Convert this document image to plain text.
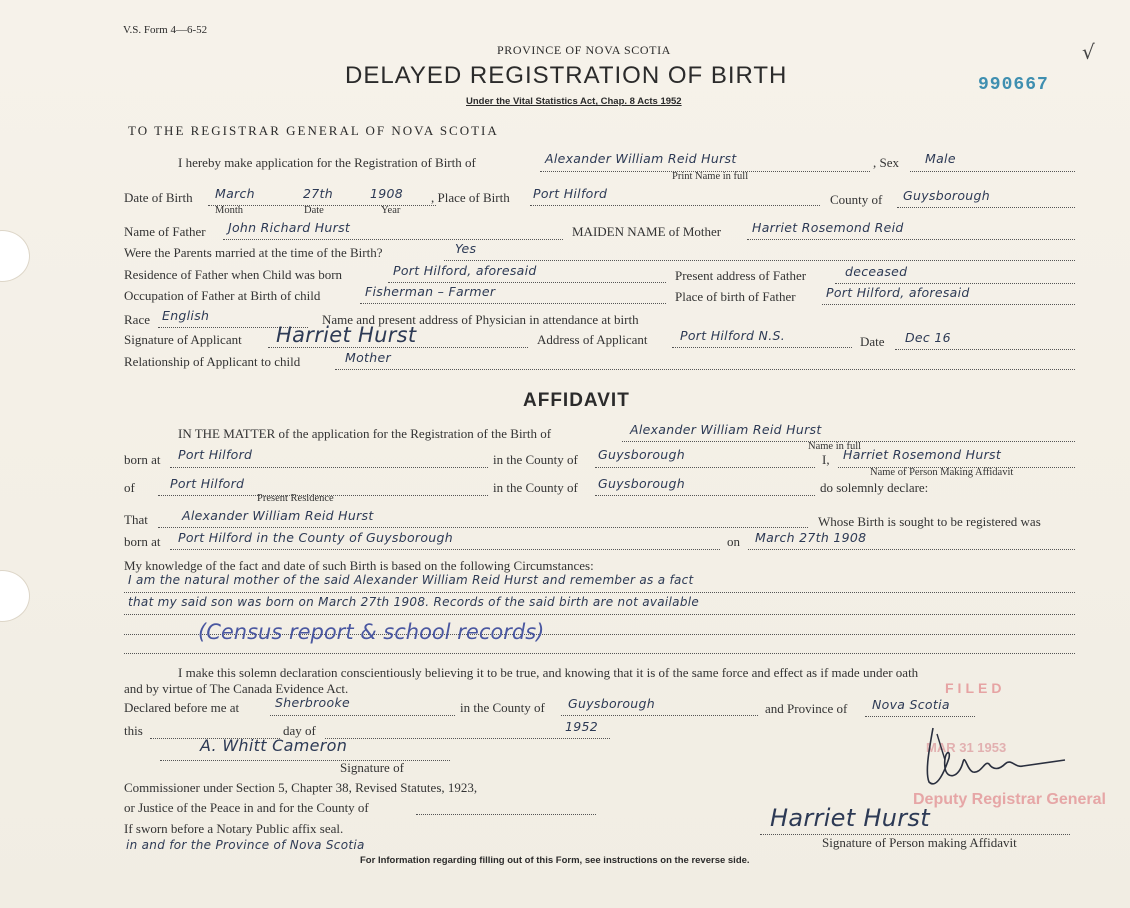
V.S. Form 4—6-52
PROVINCE OF NOVA SCOTIA
DELAYED REGISTRATION OF BIRTH
Under the Vital Statistics Act, Chap. 8 Acts 1952
990667
√
TO THE REGISTRAR GENERAL OF NOVA SCOTIA
I hereby make application for the Registration of Birth of	Alexander William Reid Hurst
Print Name in full
, Sex Male
Date of Birth March	27th	1908
Month	Date	Year
, Place of Birth Port Hilford	County of Guysborough
Name of Father John Richard Hurst	MAIDEN NAME of Mother Harriet Rosemond Reid
Were the Parents married at the time of the Birth?	Yes
Residence of Father when Child was born	Port Hilford, aforesaid	Present address of Father	deceased
Occupation of Father at Birth of child	Fisherman – Farmer	Place of birth of Father Port Hilford, aforesaid
Race English	Name and present address of Physician in attendance at birth
Signature of Applicant Harriet Hurst	Address of Applicant	Port Hilford N.S.	Date Dec 16
Relationship of Applicant to child	Mother
AFFIDAVIT
IN THE MATTER of the application for the Registration of the Birth of	Alexander William Reid Hurst
Name in full
born at Port Hilford	in the County of Guysborough	I, Harriet Rosemond Hurst
Name of Person Making Affidavit
of	Port Hilford
Present Residence
in the County of Guysborough	do solemnly declare:
That	Alexander William Reid Hurst	Whose Birth is sought to be registered was
born at Port Hilford in the County of Guysborough	on March 27th 1908
My knowledge of the fact and date of such Birth is based on the following Circumstances:
I am the natural mother of the said Alexander William Reid Hurst and remember as a fact
that my said son was born on March 27th 1908. Records of the said birth are not available
(Census report & school records)
I make this solemn declaration conscientiously believing it to be true, and knowing that it is of the same force and effect as if made under oath
and by virtue of The Canada Evidence Act.	FILED
Declared before me at	Sherbrooke	in the County of Guysborough	and Province of Nova Scotia
this	day of	1952
A. Whitt Cameron
Signature of
Commissioner under Section 5, Chapter 38, Revised Statutes, 1923,
or Justice of the Peace in and for the County of
If sworn before a Notary Public affix seal.
in and for the Province of Nova Scotia
MAR 31 1953
Deputy Registrar General
Harriet Hurst
Signature of Person making Affidavit
For Information regarding filling out of this Form, see instructions on the reverse side.
